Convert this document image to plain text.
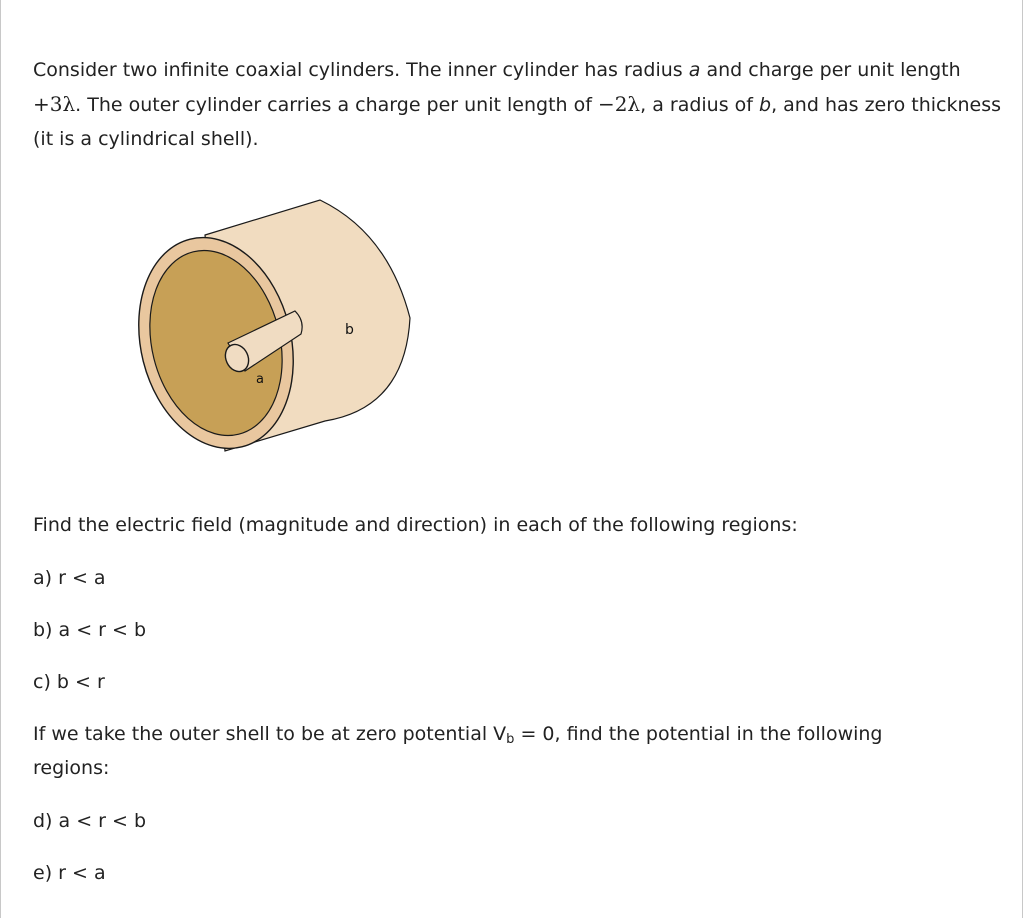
Consider two infinite coaxial cylinders. The inner cylinder has radius a and charge per unit length
+3λ. The outer cylinder carries a charge per unit length of −2λ, a radius of b, and has zero thickness (it is a cylindrical shell).

b
a

Find the electric field (magnitude and direction) in each of the following regions:

a) r < a

b) a < r < b

c) b < r

If we take the outer shell to be at zero potential $V_b = 0$, find the potential in the following regions:

d) a < r < b

e) r < a
